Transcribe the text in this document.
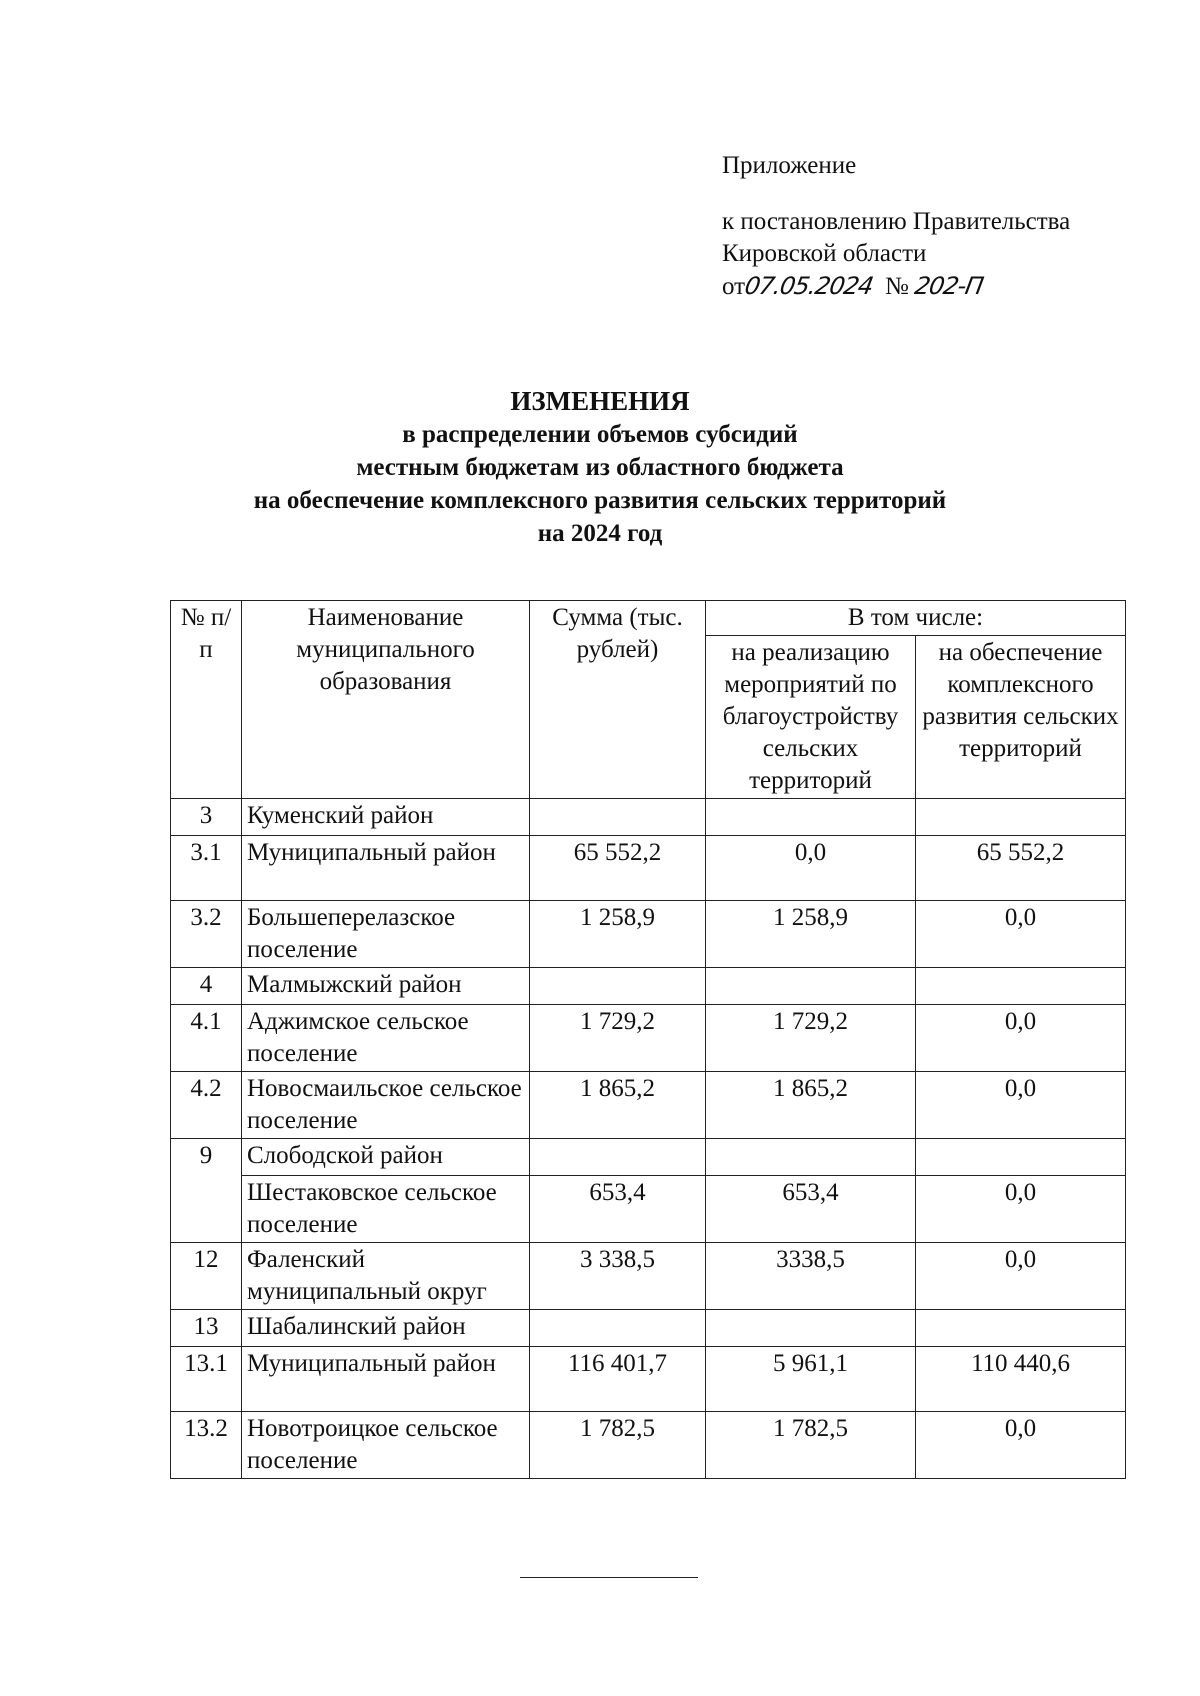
Приложение
к постановлению Правительства
Кировской области
от07.05.2024 № 202-П
ИЗМЕНЕНИЯ
в распределении объемов субсидий
местным бюджетам из областного бюджета
на обеспечение комплексного развития сельских территорий
на 2024 год
№ п/п	Наименование муниципального образования	Сумма (тыс. рублей)	В том числе:	
			на реализацию мероприятий по благоустройству сельских территорий	на обеспечение комплексного развития сельских территорий
3	Куменский район			
3.1	Муниципальный район	65 552,2	0,0	65 552,2
3.2	Большеперелазское поселение	1 258,9	1 258,9	0,0
4	Малмыжский район			
4.1	Аджимское сельское поселение	1 729,2	1 729,2	0,0
4.2	Новосмаильское сельское поселение	1 865,2	1 865,2	0,0
9	Слободской район			
	Шестаковское сельское поселение	653,4	653,4	0,0
12	Фаленский муниципальный округ	3 338,5	3338,5	0,0
13	Шабалинский район			
13.1	Муниципальный район	116 401,7	5 961,1	110 440,6
13.2	Новотроицкое сельское поселение	1 782,5	1 782,5	0,0
